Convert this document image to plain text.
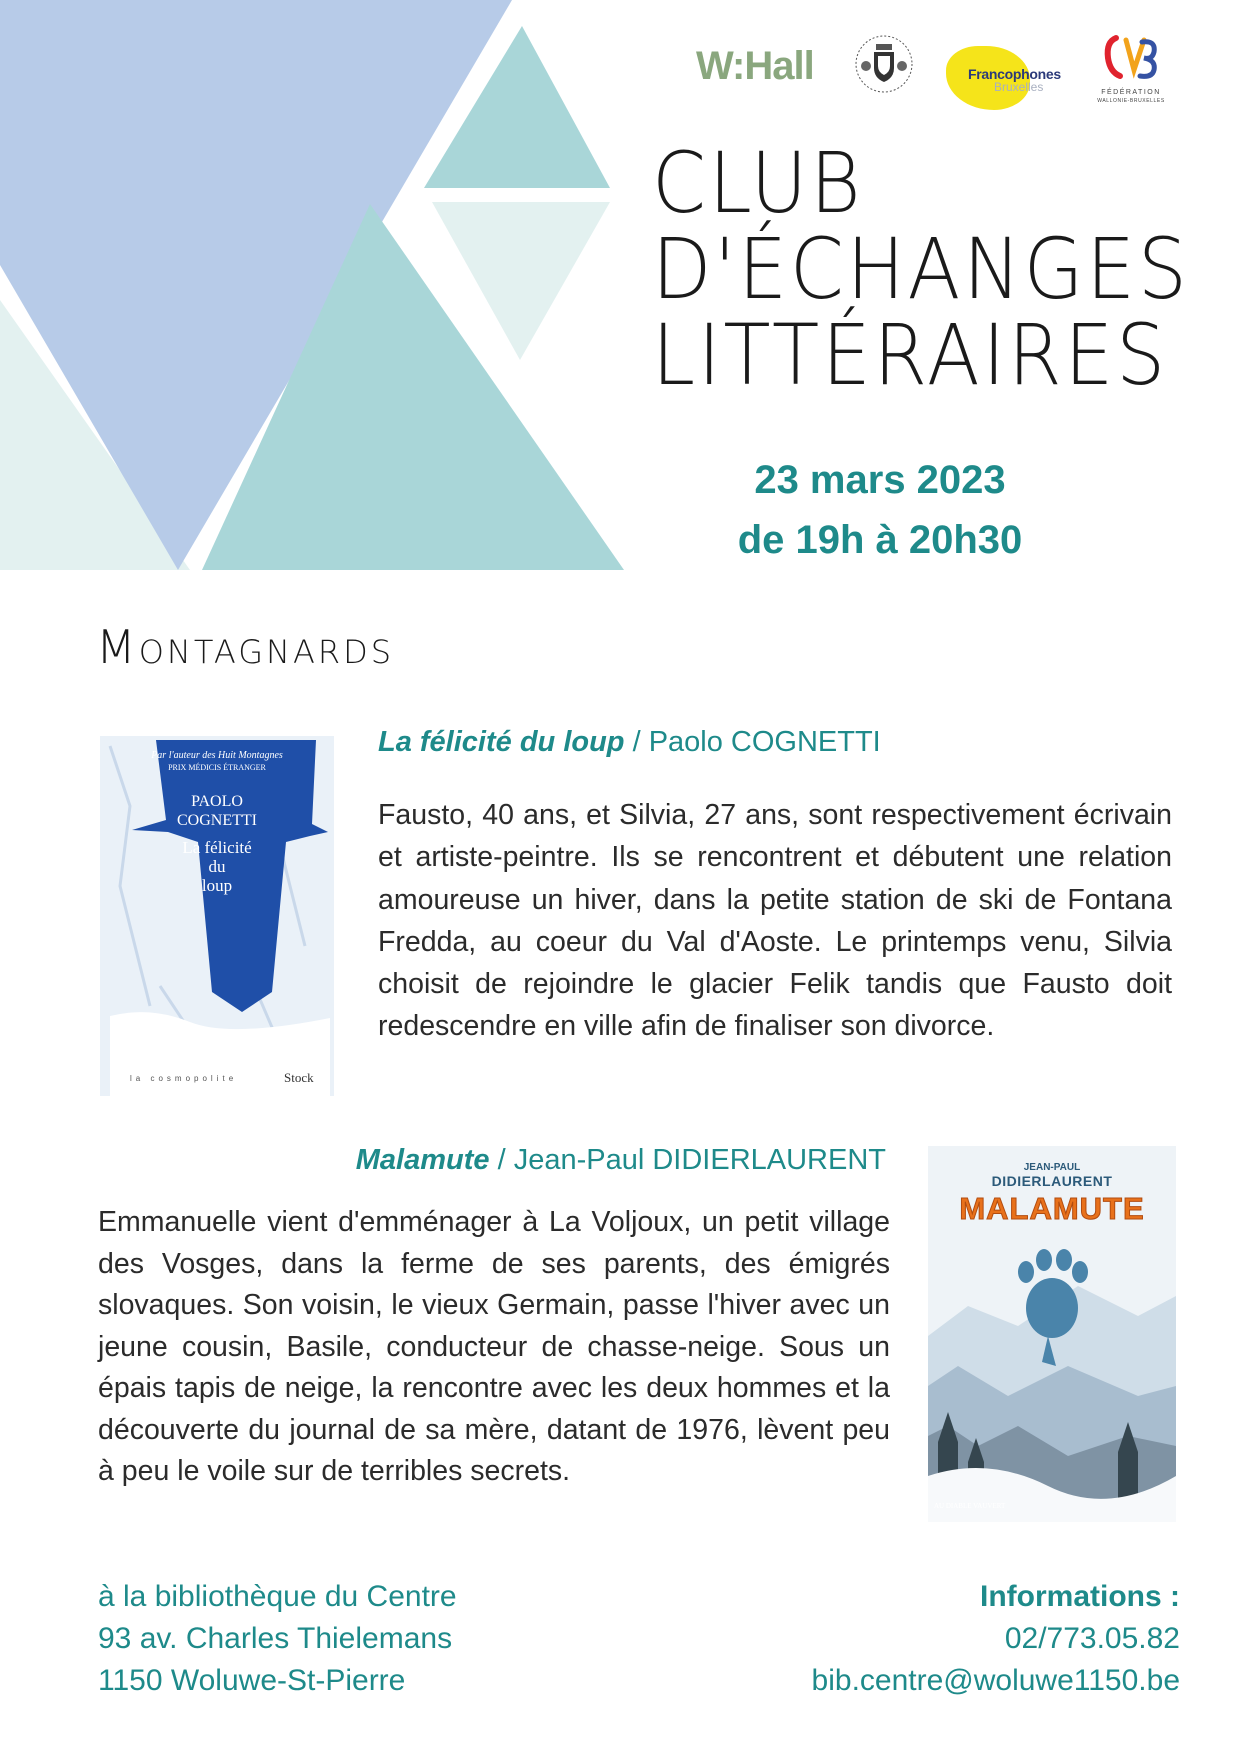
W:Hall	Francophones
Bruxelles	FÉDÉRATION
WALLONIE-BRUXELLES
CLUB
D'ÉCHANGES
LITTÉRAIRES
23 mars 2023
de 19h à 20h30
Montagnards
Par l'auteur des Huit Montagnes
PRIX MÉDICIS ÉTRANGER
PAOLO
COGNETTI
La félicité
du
loup
la cosmopolite	Stock
La félicité du loup / Paolo COGNETTI
Fausto, 40 ans, et Silvia, 27 ans, sont respectivement écrivain et artiste-peintre. Ils se rencontrent et débutent une relation amoureuse un hiver, dans la petite station de ski de Fontana Fredda, au coeur du Val d'Aoste. Le printemps venu, Silvia choisit de rejoindre le glacier Felik tandis que Fausto doit redescendre en ville afin de finaliser son divorce.
Malamute / Jean-Paul DIDIERLAURENT
Emmanuelle vient d'emménager à La Voljoux, un petit village des Vosges, dans la ferme de ses parents, des émigrés slovaques. Son voisin, le vieux Germain, passe l'hiver avec un jeune cousin, Basile, conducteur de chasse-neige. Sous un épais tapis de neige, la rencontre avec les deux hommes et la découverte du journal de sa mère, datant de 1976, lèvent peu à peu le voile sur de terribles secrets.
JEAN-PAUL
DIDIERLAURENT
MALAMUTE
AU DIABLE VAUVERT
à la bibliothèque du Centre
93 av. Charles Thielemans
1150 Woluwe-St-Pierre
Informations :
02/773.05.82
bib.centre@woluwe1150.be
